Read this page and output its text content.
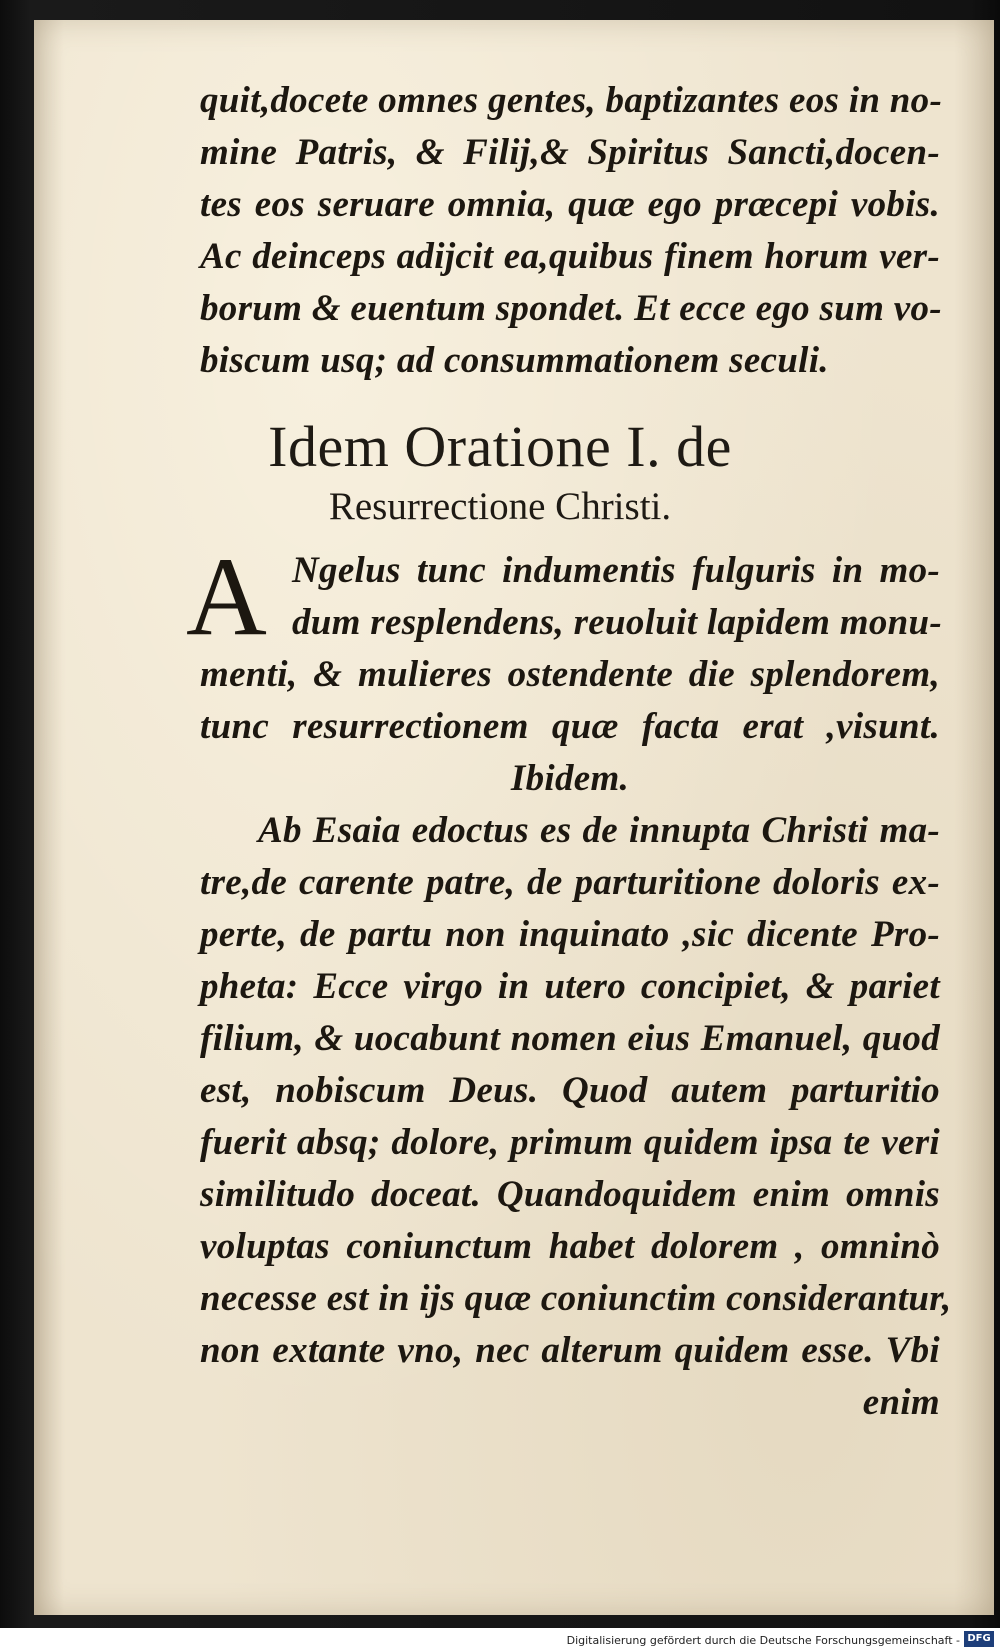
quit,docete omnes gentes, baptizantes eos in no-
mine Patris, & Filij,& Spiritus Sancti,docen-
tes eos seruare omnia, quæ ego præcepi vobis.
Ac deinceps adijcit ea,quibus finem horum ver-
borum & euentum spondet. Et ecce ego sum vo-
biscum usq; ad consummationem seculi.
Idem Oratione I. de
Resurrectione Christi.
A Ngelus tunc indumentis fulguris in mo-
dum resplendens, reuoluit lapidem monu-
menti, & mulieres ostendente die splendorem,
tunc resurrectionem quæ facta erat ,visunt.
Ibidem.
Ab Esaia edoctus es de innupta Christi ma-
tre,de carente patre, de parturitione doloris ex-
perte, de partu non inquinato ,sic dicente Pro-
pheta: Ecce virgo in utero concipiet, & pariet
filium, & uocabunt nomen eius Emanuel, quod
est, nobiscum Deus. Quod autem parturitio
fuerit absq; dolore, primum quidem ipsa te veri
similitudo doceat. Quandoquidem enim omnis
voluptas coniunctum habet dolorem , omninò
necesse est in ijs quæ coniunctim considerantur,
non extante vno, nec alterum quidem esse. Vbi
enim
Digitalisierung gefördert durch die Deutsche Forschungsgemeinschaft - DFG
